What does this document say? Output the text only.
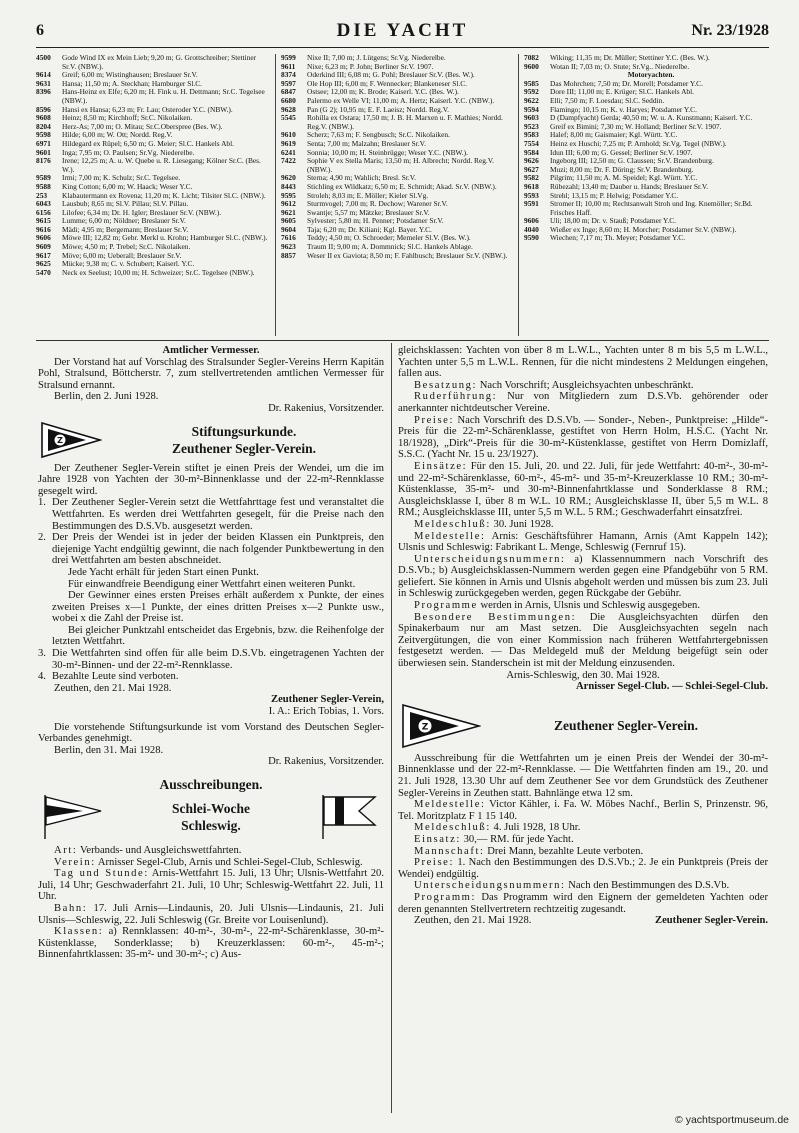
6	DIE YACHT	Nr. 23/1928
4500 Gode Wind IX ex Mein Lieb; 9,20 m; G. Grottschreiber; Stettiner Sr.V. (NBW.).
9614 Greif; 6,00 m; Wistinghausen; Breslauer Sr.V.
9631 Hansa; 11,50 m; A. Steckhan; Hamburger Sl.C.
8396 Hans-Heinz ex Elfe; 6,20 m; H. Fink u. H. Dettmann; Sr.C. Tegelsee (NBW.).
8596 Hansi ex Hansa; 6,23 m; Fr. Lau; Osteroder Y.C. (NBW.).
9608 Heinz; 8,50 m; Kirchhoff; Sr.C. Nikolaiken.
8204 Herz-As; 7,00 m; O. Mitau; Sr.C.Oberspree (Bes. W.).
9598 Hilde; 6,00 m; W. Ott; Nordd. Reg.V.
6971 Hildegard ex Rüpel; 6,50 m; G. Meier; Sl.C. Hankels Abl.
9601 Inga; 7,95 m; O. Paulsen; Sr.Vg. Niederelbe.
8176 Irene; 12,25 m; A. u. W. Quebe u. R. Liesegang; Kölner Sr.C. (Bes. W.).
9589 Irmi; 7,00 m; K. Schulz; Sr.C. Tegelsee.
9588 King Cotton; 6,00 m; W. Haack; Weser Y.C.
253 Klabautermann ex Rovena; 11,20 m; K. Licht; Tilsiter Sl.C. (NBW.).
6043 Lausbub; 8,65 m; Sl.V. Pillau; Sl.V. Pillau.
6156 Lilofee; 6,34 m; Dr. H. Igler; Breslauer Sr.V. (NBW.).
9615 Lumme; 6,00 m; Nöldner; Breslauer Sr.V.
9616 Mädi; 4,95 m; Bergemann; Breslauer Sr.V.
9606 Möwe III; 12,82 m; Gebr. Merkl u. Krohn; Hamburger Sl.C. (NBW.).
9609 Möwe; 4,50 m; P. Trebel; Sr.C. Nikolaiken.
9617 Möve; 6,00 m; Ueberall; Breslauer Sr.V.
9625 Mücke; 9,38 m; C. v. Schubert; Kaiserl. Y.C.
5470 Neck ex Seelust; 10,00 m; H. Schweizer; Sr.C. Tegelsee (NBW.).
9599 Nixe II; 7,00 m; J. Lütgens; Sr.Vg. Niederelbe.
9611 Nixe; 6,23 m; P. John; Berliner Sr.V. 1907.
8374 Oderkind III; 6,08 m; G. Pohl; Breslauer Sr.V. (Bes. W.).
9597 Ole Hop III; 6,00 m; F. Wennecker; Blankeneser Sl.C.
6847 Ostsee; 12,00 m; K. Brode; Kaiserl. Y.C. (Bes. W.).
6680 Palermo ex Welle VI; 11,00 m; A. Hertz; Kaiserl. Y.C. (NBW.).
9628 Pan (G 2); 10,95 m; E. F. Laeisz; Nordd. Reg.V.
5545 Rohilla ex Ostara; 17,50 m; J. B. H. Marxen u. F. Mathies; Nordd. Reg.V. (NBW.).
9610 Scherz; 7,63 m; F. Sengbusch; Sr.C. Nikolaiken.
9619 Senta; 7,00 m; Malzahn; Breslauer Sr.V.
6241 Sonnia; 10,00 m; H. Steinbrügge; Weser Y.C. (NBW.).
7422 Sophie V ex Stella Maris; 13,50 m; H. Albrecht; Nordd. Reg.V. (NBW.).
9620 Sterna; 4,90 m; Wahlich; Bresl. Sr.V.
8443 Stichling ex Wildkatz; 6,50 m; E. Schmidt; Akad. Sr.V. (NBW.).
9595 Stroleh; 8,03 m; E. Möller; Kieler Sl.Vg.
9612 Sturmvogel; 7,00 m; R. Dechow; Warener Sr.V.
9621 Swantje; 5,57 m; Mätzke; Breslauer Sr.V.
9605 Sylvester; 5,80 m; H. Penner; Potsdamer Sr.V.
9604 Taja; 6,20 m; Dr. Kiliani; Kgl. Bayer. Y.C.
7616 Teddy; 4,50 m; O. Schroeder; Memeler Sl.V. (Bes. W.).
9623 Traum II; 9,00 m; A. Dommnick; Sl.C. Hankels Ablage.
8857 Weser II ex Gaviota; 8,50 m; F. Fahlbusch; Breslauer Sr.V. (NBW.).
7082 Wiking; 11,35 m; Dr. Müller; Stettiner Y.C. (Bes. W.).
9600 Wotan II; 7,03 m; O. Stute; Sr.Vg.. Niederelbe.
Motoryachten.
9585 Das Mohrchen; 7,50 m; Dr. Morell; Potsdamer Y.C.
9592 Dore III; 11,00 m; E. Krüger; Sl.C. Hankels Abl.
9622 Elli; 7,50 m; F. Loesdau; Sl.C. Seddin.
9594 Flamingo; 10,15 m; K. v. Haryes; Potsdamer Y.C.
9603 D (Dampfyacht) Gerda; 40,50 m; W. u. A. Kunstmann; Kaiserl. Y.C.
9523 Greif ex Bimini; 7,30 m; W. Holland; Berliner Sr.V. 1907.
9583 Halef; 8,00 m; Gaismaier; Kgl. Württ. Y.C.
7554 Heinz ex Huschi; 7,25 m; P. Arnhold; Sr.Vg. Tegel (NBW.).
9584 Idun III; 6,00 m; G. Gessel; Berliner Sr.V. 1907.
9626 Ingeborg III; 12,50 m; G. Claussen; Sr.V. Brandenburg.
9627 Muzi; 8,00 m; Dr. F. Döring; Sr.V. Brandenburg.
9582 Pilgrim; 11,50 m; A. M. Speidel; Kgl. Württ. Y.C.
9618 Rübezahl; 13,40 m; Dauber u. Hands; Breslauer Sr.V.
9593 Strehl; 13,15 m; P. Helwig; Potsdamer Y.C.
9591 Stromer II; 10,00 m; Rechtsanwalt Stroh und Ing. Knemöller; Sr.Bd. Frisches Haff.
9606 Uli; 18,00 m; Dr. v. Stauß; Potsdamer Y.C.
4040 Wießer ex Inge; 8,60 m; H. Morcher; Potsdamer Sr.V. (NBW.).
9590 Wiechen; 7,17 m; Th. Meyer; Potsdamer Y.C.

Amtlicher Vermesser.

Der Vorstand hat auf Vorschlag des Stralsunder Segler-Vereins Herrn Kapitän Pohl, Stralsund, Böttcherstr. 7, zum stellvertretenden amtlichen Vermesser für Stralsund ernannt.

Berlin, den 2. Juni 1928.

Dr. Rakenius, Vorsitzender.

Z

Stiftungsurkunde.

Zeuthener Segler-Verein.

Der Zeuthener Segler-Verein stiftet je einen Preis der Wendei, um die im Jahre 1928 von Yachten der 30-m²-Binnenklasse und der 22-m²-Rennklasse gesegelt wird.

1. Der Zeuthener Segler-Verein setzt die Wettfahrttage fest und veranstaltet die Wettfahrten. Es werden drei Wettfahrten gesegelt, für die Preise nach den Bestimmungen des D.S.Vb. ausgesetzt werden.

2. Der Preis der Wendei ist in jeder der beiden Klassen ein Punktpreis, den diejenige Yacht endgültig gewinnt, die nach folgender Punktbewertung in den drei Wettfahrten am besten abschneidet.

Jede Yacht erhält für jeden Start einen Punkt.

Für einwandfreie Beendigung einer Wettfahrt einen weiteren Punkt.

Der Gewinner eines ersten Preises erhält außerdem x Punkte, der eines zweiten Preises x—1 Punkte, der eines dritten Preises x—2 Punkte usw., wobei x die Zahl der Preise ist.

Bei gleicher Punktzahl entscheidet das Ergebnis, bzw. die Reihenfolge der letzten Wettfahrt.

3. Die Wettfahrten sind offen für alle beim D.S.Vb. eingetragenen Yachten der 30-m²-Binnen- und der 22-m²-Rennklasse.

4. Bezahlte Leute sind verboten.

Zeuthen, den 21. Mai 1928.

Zeuthener Segler-Verein,

I. A.: Erich Tobias, 1. Vors.

Die vorstehende Stiftungsurkunde ist vom Vorstand des Deutschen Segler-Verbandes genehmigt.

Berlin, den 31. Mai 1928.

Dr. Rakenius, Vorsitzender.

Ausschreibungen.

Schlei-Woche

Schleswig.

Art: Verbands- und Ausgleichswettfahrten.

Verein: Arnisser Segel-Club, Arnis und Schlei-Segel-Club, Schleswig.

Tag und Stunde: Arnis-Wettfahrt 15. Juli, 13 Uhr; Ulsnis-Wettfahrt 20. Juli, 14 Uhr; Geschwaderfahrt 21. Juli, 10 Uhr; Schleswig-Wettfahrt 22. Juli, 11 Uhr.

Bahn: 17. Juli Arnis—Lindaunis, 20. Juli Ulsnis—Lindaunis, 21. Juli Ulsnis—Schleswig, 22. Juli Schleswig (Gr. Breite vor Louisenlund).

Klassen: a) Rennklassen: 40-m²-, 30-m²-, 22-m²-Schärenklasse, 30-m²-Küstenklasse, Sonderklasse; b) Kreuzerklassen: 60-m²-, 45-m²-; Binnenfahrtklassen: 35-m²- und 30-m²-; c) Aus-

gleichsklassen: Yachten von über 8 m L.W.L., Yachten unter 8 m bis 5,5 m L.W.L., Yachten unter 5,5 m L.W.L. Rennen, für die nicht mindestens 2 Meldungen eingehen, fallen aus.

Besatzung: Nach Vorschrift; Ausgleichsyachten unbeschränkt.

Ruderführung: Nur von Mitgliedern zum D.S.Vb. gehörender oder anerkannter nichtdeutscher Vereine.

Preise: Nach Vorschrift des D.S.Vb. — Sonder-, Neben-, Punktpreise: „Hilde“-Preis für die 22-m²-Schärenklasse, gestiftet von Herrn Holm, H.S.C. (Yacht Nr. 18/1928), „Dirk“-Preis für die 30-m²-Küstenklasse, gestiftet von Herrn Domizlaff, S.S.C. (Yacht Nr. 15 u. 23/1927).

Einsätze: Für den 15. Juli, 20. und 22. Juli, für jede Wettfahrt: 40-m²-, 30-m²- und 22-m²-Schärenklasse, 60-m²-, 45-m²- und 35-m²-Kreuzerklasse 10 RM.; 30-m²-Küstenklasse, 35-m²- und 30-m²-Binnenfahrtklasse und Sonderklasse 8 RM.; Ausgleichsklasse I, über 8 m W.L. 10 RM.; Ausgleichsklasse II, über 5,5 m W.L. 8 RM.; Ausgleichsklasse III, unter 5,5 m W.L. 5 RM.; Geschwaderfahrt einsatzfrei.

Meldeschluß: 30. Juni 1928.

Meldestelle: Arnis: Geschäftsführer Hamann, Arnis (Amt Kappeln 142); Ulsnis und Schleswig: Fabrikant L. Menge, Schleswig (Fernruf 15).

Unterscheidungsnummern: a) Klassennummern nach Vorschrift des D.S.Vb.; b) Ausgleichsklassen-Nummern werden gegen eine Pfandgebühr von 5 RM. geliefert. Sie können in Arnis und Ulsnis abgeholt werden und müssen bis zum 23. Juli in Schleswig zurückgegeben werden, gegen Rückgabe der Gebühr.

Programme werden in Arnis, Ulsnis und Schleswig ausgegeben.

Besondere Bestimmungen: Die Ausgleichsyachten dürfen den Spinakerbaum nur am Mast setzen. Die Ausgleichsyachten segeln nach Zeitvergütungen, die von einer Kommission nach früheren Wettfahrtergebnissen festgesetzt werden. — Das Meldegeld muß der Meldung beigefügt sein oder überwiesen sein. Standerschein ist mit der Meldung einzusenden.

Arnis-Schleswig, den 30. Mai 1928.

Arnisser Segel-Club. — Schlei-Segel-Club.

Z	Zeuthener Segler-Verein.

Ausschreibung für die Wettfahrten um je einen Preis der Wendei der 30-m²-Binnenklasse und der 22-m²-Rennklasse. — Die Wettfahrten finden am 19., 20. und 21. Juli 1928, 13.30 Uhr auf dem Zeuthener See vor dem Grundstück des Zeuthener Segler-Vereins in Zeuthen statt. Bahnlänge etwa 12 sm.

Meldestelle: Victor Kähler, i. Fa. W. Möbes Nachf., Berlin S, Prinzenstr. 96, Tel. Moritzplatz F 1 15 140.

Meldeschluß: 4. Juli 1928, 18 Uhr.

Einsatz: 30,— RM. für jede Yacht.

Mannschaft: Drei Mann, bezahlte Leute verboten.

Preise: 1. Nach den Bestimmungen des D.S.Vb.; 2. Je ein Punktpreis (Preis der Wendei) endgültig.

Unterscheidungsnummern: Nach den Bestimmungen des D.S.Vb.

Programm: Das Programm wird den Eignern der gemeldeten Yachten oder deren genannten Stellvertretern rechtzeitig zugesandt.

Zeuthen, den 21. Mai 1928.	Zeuthener Segler-Verein.

© yachtsportmuseum.de
